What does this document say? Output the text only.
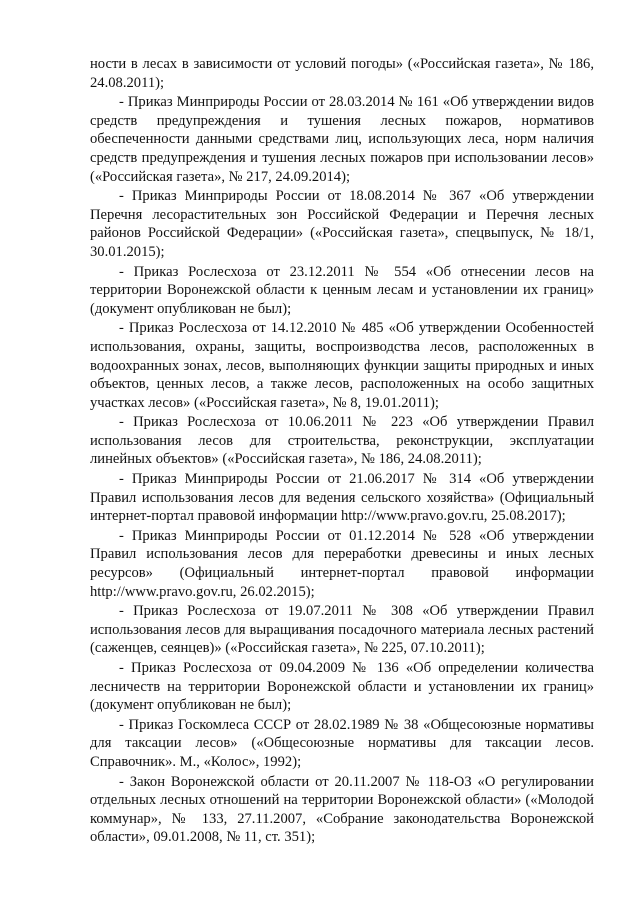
ности в лесах в зависимости от условий погоды» («Российская газета», № 186, 24.08.2011);

- Приказ Минприроды России от 28.03.2014 № 161 «Об утверждении видов средств предупреждения и тушения лесных пожаров, нормативов обеспеченности данными средствами лиц, использующих леса, норм наличия средств предупреждения и тушения лесных пожаров при использовании лесов» («Российская газета», № 217, 24.09.2014);

- Приказ Минприроды России от 18.08.2014 № 367 «Об утверждении Перечня лесорастительных зон Российской Федерации и Перечня лесных районов Российской Федерации» («Российская газета», спецвыпуск, № 18/1, 30.01.2015);

- Приказ Рослесхоза от 23.12.2011 № 554 «Об отнесении лесов на территории Воронежской области к ценным лесам и установлении их границ» (документ опубликован не был);

- Приказ Рослесхоза от 14.12.2010 № 485 «Об утверждении Особенностей использования, охраны, защиты, воспроизводства лесов, расположенных в водоохранных зонах, лесов, выполняющих функции защиты природных и иных объектов, ценных лесов, а также лесов, расположенных на особо защитных участках лесов» («Российская газета», № 8, 19.01.2011);

- Приказ Рослесхоза от 10.06.2011 № 223 «Об утверждении Правил использования лесов для строительства, реконструкции, эксплуатации линейных объектов» («Российская газета», № 186, 24.08.2011);

- Приказ Минприроды России от 21.06.2017 № 314 «Об утверждении Правил использования лесов для ведения сельского хозяйства» (Официальный интернет-портал правовой информации http://www.pravo.gov.ru, 25.08.2017);

- Приказ Минприроды России от 01.12.2014 № 528 «Об утверждении Правил использования лесов для переработки древесины и иных лесных ресурсов» (Официальный интернет-портал правовой информации http://www.pravo.gov.ru, 26.02.2015);

- Приказ Рослесхоза от 19.07.2011 № 308 «Об утверждении Правил использования лесов для выращивания посадочного материала лесных растений (саженцев, сеянцев)» («Российская газета», № 225, 07.10.2011);

- Приказ Рослесхоза от 09.04.2009 № 136 «Об определении количества лесничеств на территории Воронежской области и установлении их границ» (документ опубликован не был);

- Приказ Госкомлеса СССР от 28.02.1989 № 38 «Общесоюзные нормативы для таксации лесов» («Общесоюзные нормативы для таксации лесов. Справочник». М., «Колос», 1992);

- Закон Воронежской области от 20.11.2007 № 118-ОЗ «О регулировании отдельных лесных отношений на территории Воронежской области» («Молодой коммунар», № 133, 27.11.2007, «Собрание законодательства Воронежской области», 09.01.2008, № 11, ст. 351);
